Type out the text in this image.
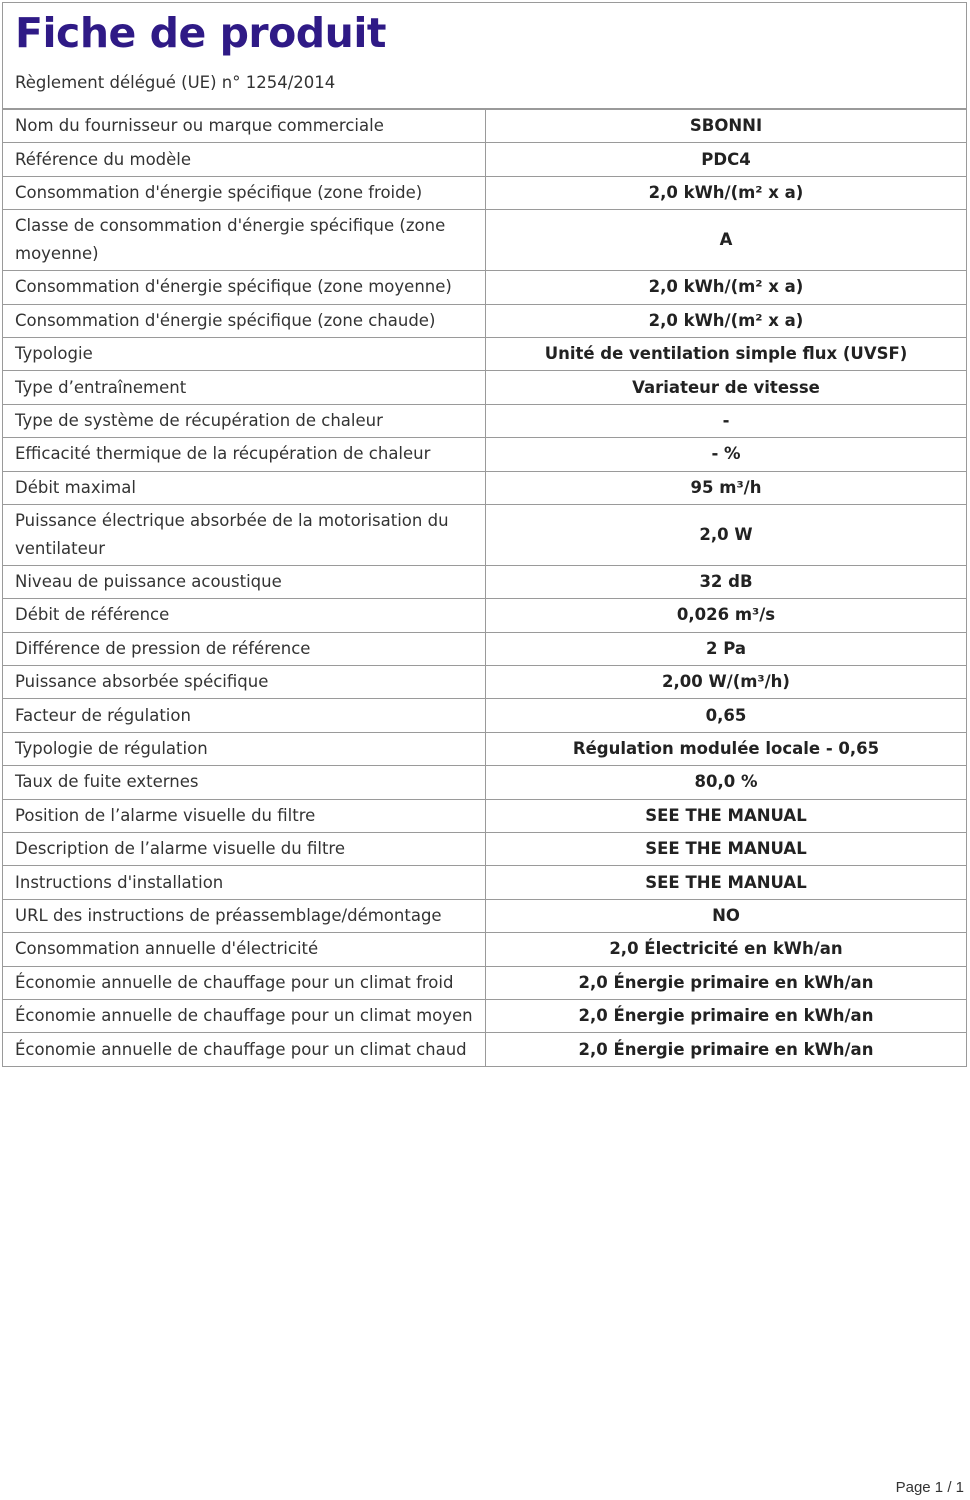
Fiche de produit
Règlement délégué (UE) n° 1254/2014
Nom du fournisseur ou marque commerciale	SBONNI
Référence du modèle	PDC4
Consommation d'énergie spécifique (zone froide)	2,0 kWh/(m² x a)
Classe de consommation d'énergie spécifique (zone moyenne)	A
Consommation d'énergie spécifique (zone moyenne)	2,0 kWh/(m² x a)
Consommation d'énergie spécifique (zone chaude)	2,0 kWh/(m² x a)
Typologie	Unité de ventilation simple flux (UVSF)
Type d’entraînement	Variateur de vitesse
Type de système de récupération de chaleur	-
Efficacité thermique de la récupération de chaleur	- %
Débit maximal	95 m³/h
Puissance électrique absorbée de la motorisation du ventilateur	2,0 W
Niveau de puissance acoustique	32 dB
Débit de référence	0,026 m³/s
Différence de pression de référence	2 Pa
Puissance absorbée spécifique	2,00 W/(m³/h)
Facteur de régulation	0,65
Typologie de régulation	Régulation modulée locale - 0,65
Taux de fuite externes	80,0 %
Position de l’alarme visuelle du filtre	SEE THE MANUAL
Description de l’alarme visuelle du filtre	SEE THE MANUAL
Instructions d'installation	SEE THE MANUAL
URL des instructions de préassemblage/démontage	NO
Consommation annuelle d'électricité	2,0 Électricité en kWh/an
Économie annuelle de chauffage pour un climat froid	2,0 Énergie primaire en kWh/an
Économie annuelle de chauffage pour un climat moyen	2,0 Énergie primaire en kWh/an
Économie annuelle de chauffage pour un climat chaud	2,0 Énergie primaire en kWh/an
Page 1 / 1
